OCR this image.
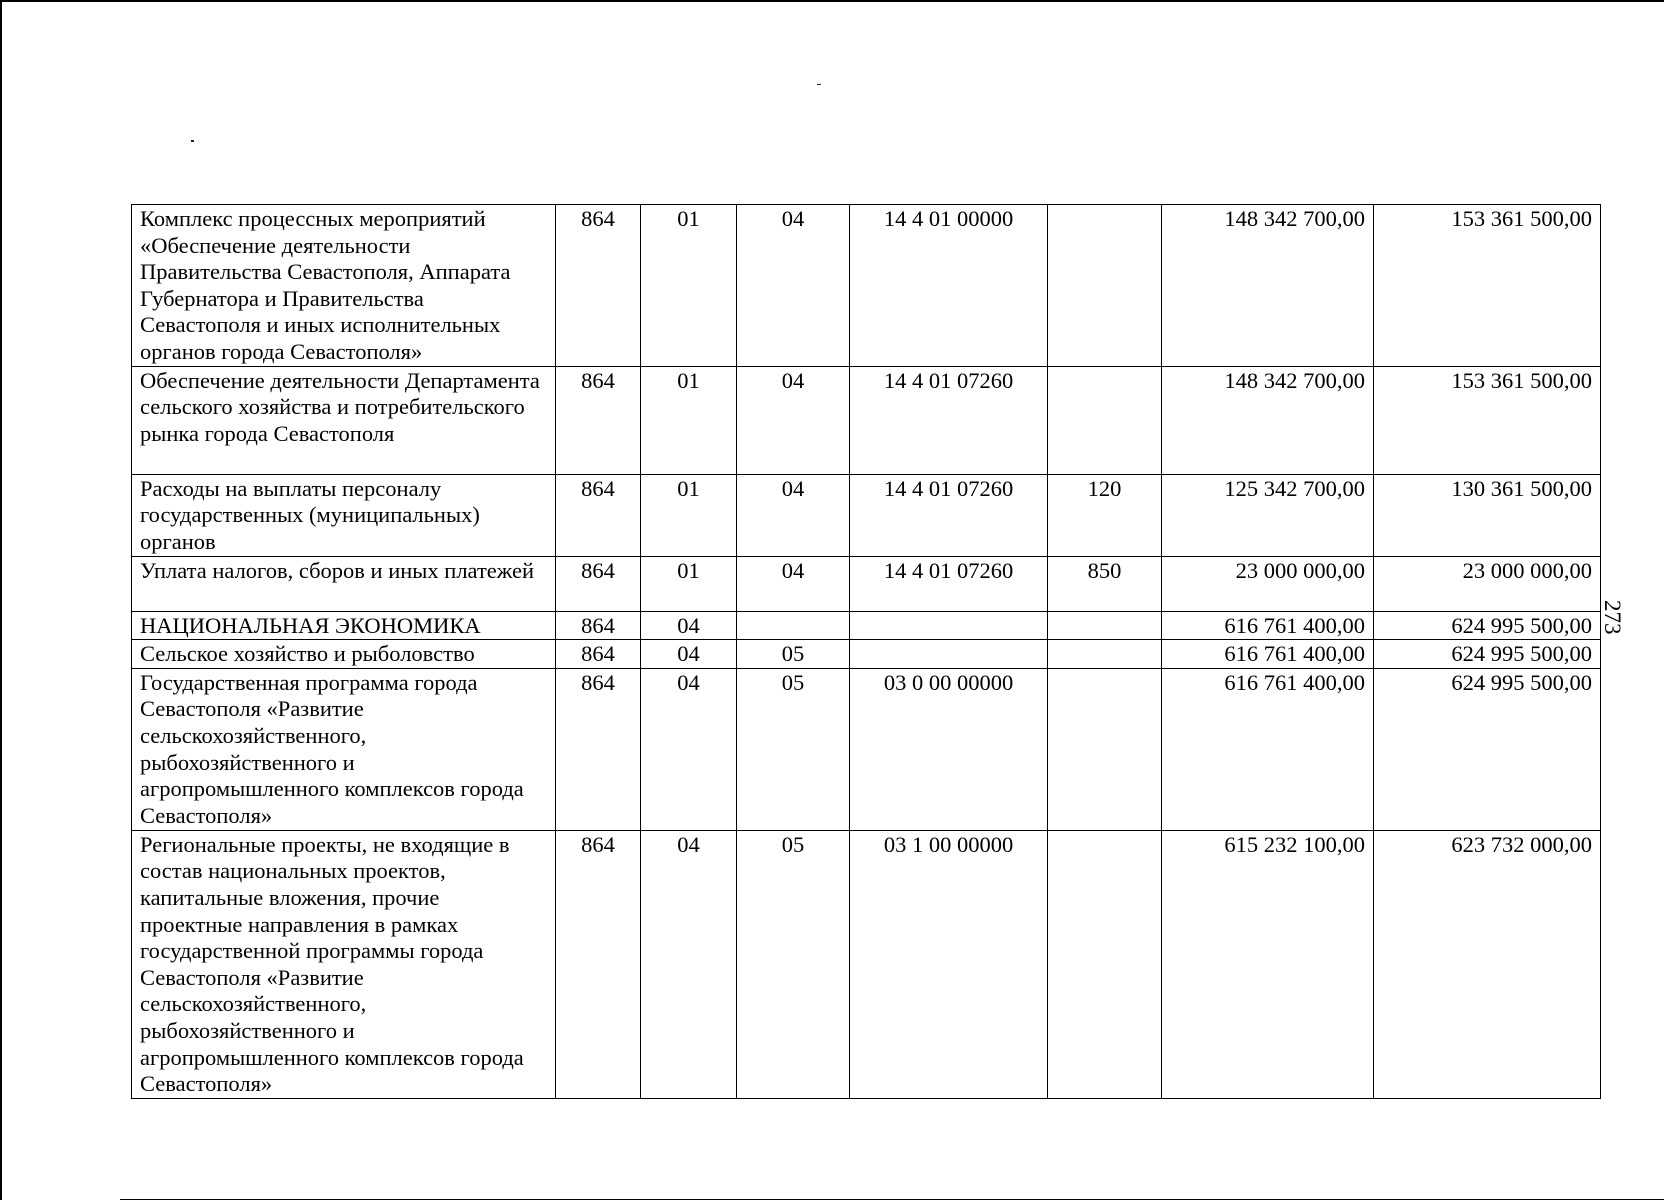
Комплекс процессных мероприятий «Обеспечение деятельности Правительства Севастополя, Аппарата Губернатора и Правительства Севастополя и иных исполнительных органов города Севастополя»	864	01	04	14 4 01 00000		148 342 700,00	153 361 500,00
Обеспечение деятельности Департамента сельского хозяйства и потребительского рынка города Севастополя	864	01	04	14 4 01 07260		148 342 700,00	153 361 500,00
Расходы на выплаты персоналу государственных (муниципальных) органов	864	01	04	14 4 01 07260	120	125 342 700,00	130 361 500,00
Уплата налогов, сборов и иных платежей	864	01	04	14 4 01 07260	850	23 000 000,00	23 000 000,00
НАЦИОНАЛЬНАЯ ЭКОНОМИКА	864	04				616 761 400,00	624 995 500,00
Сельское хозяйство и рыболовство	864	04	05			616 761 400,00	624 995 500,00
Государственная программа города Севастополя «Развитие сельскохозяйственного, рыбохозяйственного и агропромышленного комплексов города Севастополя»	864	04	05	03 0 00 00000		616 761 400,00	624 995 500,00
Региональные проекты, не входящие в состав национальных проектов, капитальные вложения, прочие проектные направления в рамках государственной программы города Севастополя «Развитие сельскохозяйственного, рыбохозяйственного и агропромышленного комплексов города Севастополя»	864	04	05	03 1 00 00000		615 232 100,00	623 732 000,00
273
